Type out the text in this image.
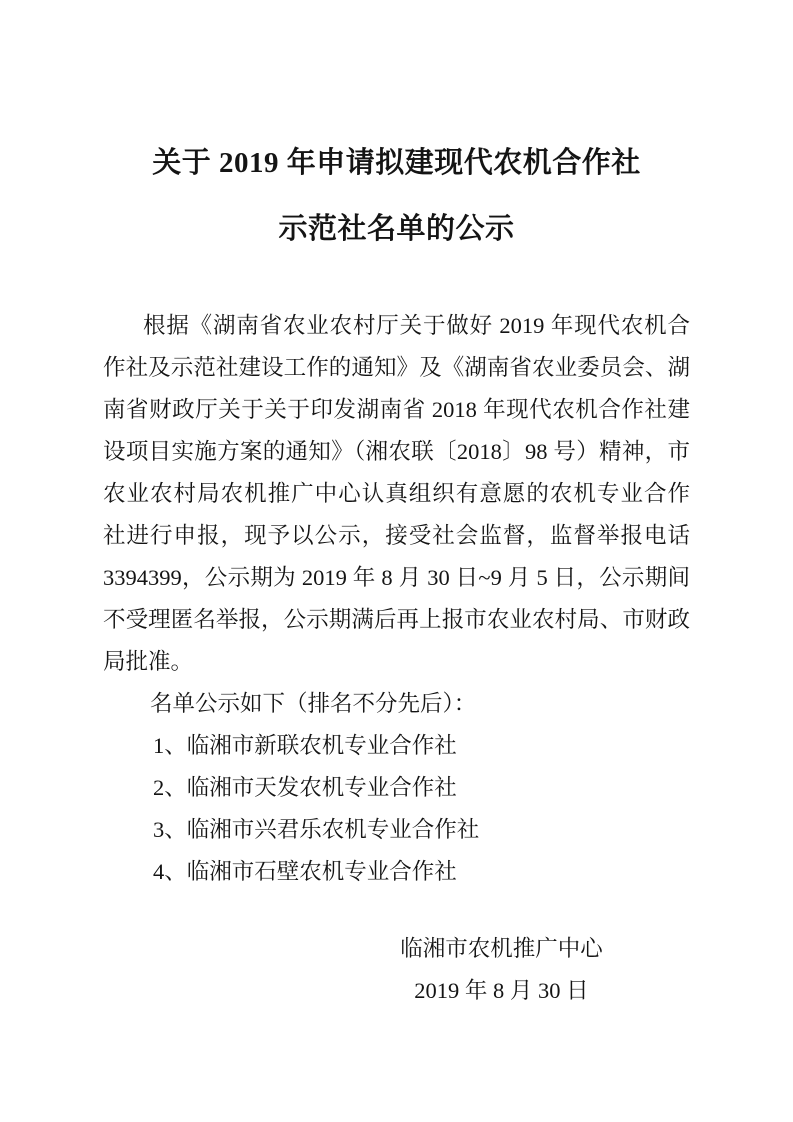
关于 2019 年申请拟建现代农机合作社
示范社名单的公示
根据《湖南省农业农村厅关于做好 2019 年现代农机合
作社及示范社建设工作的通知》及《湖南省农业委员会、湖
南省财政厅关于关于印发湖南省 2018 年现代农机合作社建
设项目实施方案的通知》（湘农联〔2018〕98 号）精神，市
农业农村局农机推广中心认真组织有意愿的农机专业合作
社进行申报，现予以公示，接受社会监督，监督举报电话
3394399，公示期为 2019 年 8 月 30 日~9 月 5 日，公示期间
不受理匿名举报，公示期满后再上报市农业农村局、市财政
局批准。
名单公示如下（排名不分先后）：
1、临湘市新联农机专业合作社
2、临湘市天发农机专业合作社
3、临湘市兴君乐农机专业合作社
4、临湘市石壁农机专业合作社
临湘市农机推广中心
2019 年 8 月 30 日
